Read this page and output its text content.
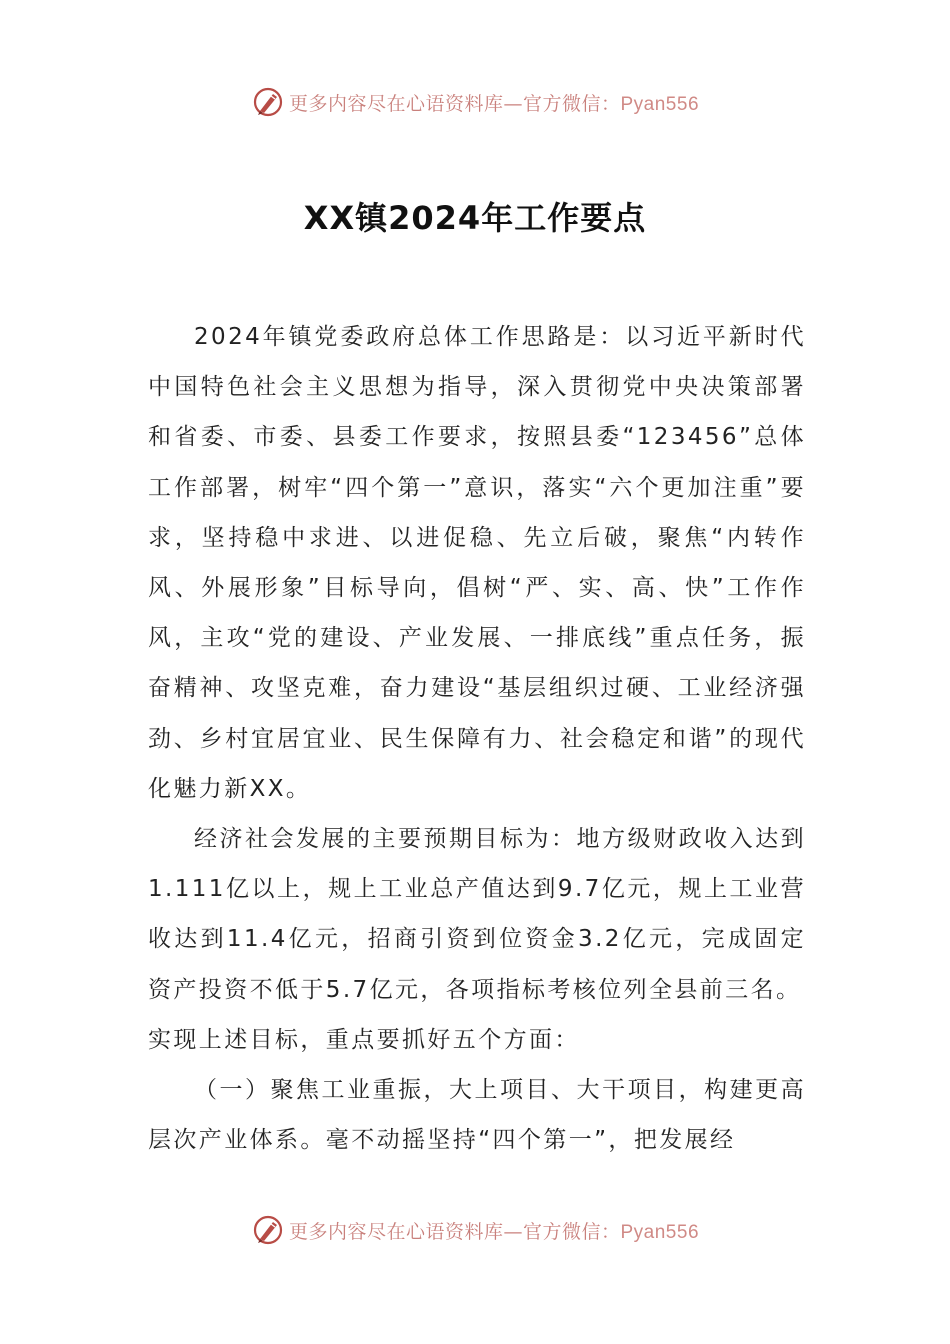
更多内容尽在心语资料库—官方微信：Pyan556
XX镇2024年工作要点

2024年镇党委政府总体工作思路是：以习近平新时代中国特色社会主义思想为指导，深入贯彻党中央决策部署和省委、市委、县委工作要求，按照县委“123456”总体工作部署，树牢“四个第一”意识，落实“六个更加注重”要求，坚持稳中求进、以进促稳、先立后破，聚焦“内转作风、外展形象”目标导向，倡树“严、实、高、快”工作作风，主攻“党的建设、产业发展、一排底线”重点任务，振奋精神、攻坚克难，奋力建设“基层组织过硬、工业经济强劲、乡村宜居宜业、民生保障有力、社会稳定和谐”的现代化魅力新XX。

经济社会发展的主要预期目标为：地方级财政收入达到1.111亿以上，规上工业总产值达到9.7亿元，规上工业营收达到11.4亿元，招商引资到位资金3.2亿元，完成固定资产投资不低于5.7亿元，各项指标考核位列全县前三名。

实现上述目标，重点要抓好五个方面：

（一）聚焦工业重振，大上项目、大干项目，构建更高层次产业体系。毫不动摇坚持“四个第一”，把发展经

更多内容尽在心语资料库—官方微信：Pyan556
